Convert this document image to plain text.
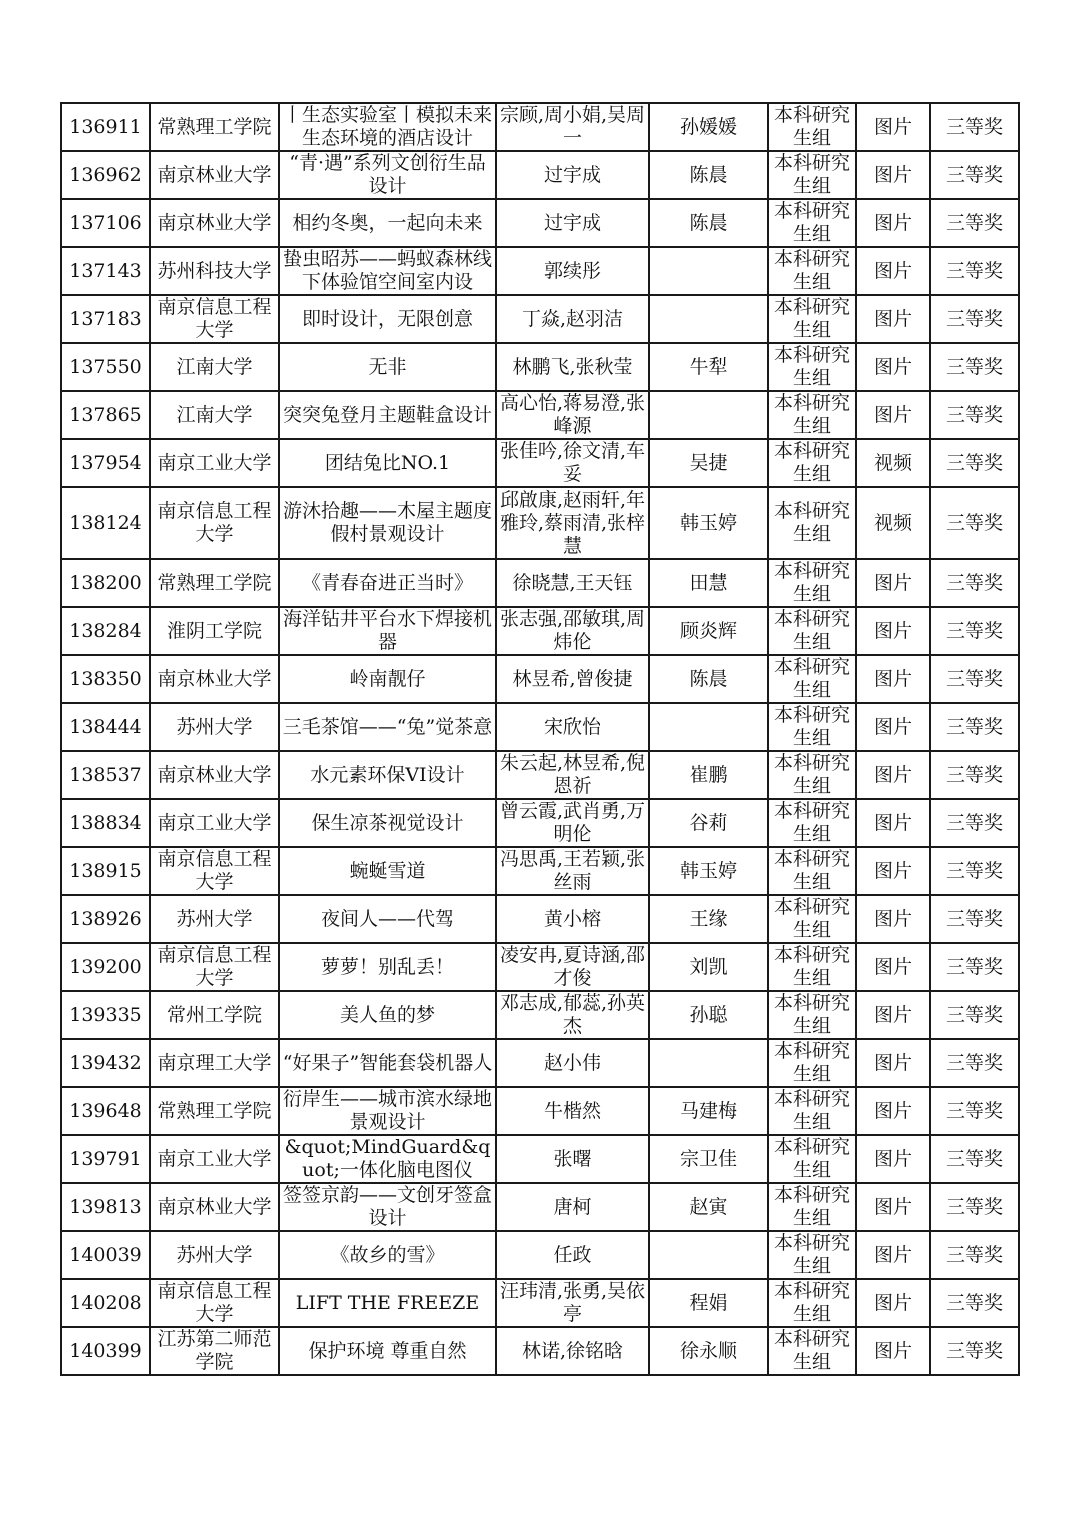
136911	常熟理工学院	丨生态实验室丨模拟未来生态环境的酒店设计	宗顾,周小娟,吴周一	孙媛媛	本科研究生组	图片	三等奖
136962	南京林业大学	“青·遇”系列文创衍生品设计	过宇成	陈晨	本科研究生组	图片	三等奖
137106	南京林业大学	相约冬奥，一起向未来	过宇成	陈晨	本科研究生组	图片	三等奖
137143	苏州科技大学	蛰虫昭苏——蚂蚁森林线下体验馆空间室内设	郭续彤		本科研究生组	图片	三等奖
137183	南京信息工程大学	即时设计，无限创意	丁焱,赵羽洁		本科研究生组	图片	三等奖
137550	江南大学	无非	林鹏飞,张秋莹	牛犁	本科研究生组	图片	三等奖
137865	江南大学	突突兔登月主题鞋盒设计	高心怡,蒋易澄,张峰源		本科研究生组	图片	三等奖
137954	南京工业大学	团结兔比NO.1	张佳吟,徐文清,车妥	吴捷	本科研究生组	视频	三等奖
138124	南京信息工程大学	游沐拾趣——木屋主题度假村景观设计	邱啟康,赵雨轩,年雅玲,蔡雨清,张梓慧	韩玉婷	本科研究生组	视频	三等奖
138200	常熟理工学院	《青春奋进正当时》	徐晓慧,王天钰	田慧	本科研究生组	图片	三等奖
138284	淮阴工学院	海洋钻井平台水下焊接机器	张志强,邵敏琪,周炜伦	顾炎辉	本科研究生组	图片	三等奖
138350	南京林业大学	岭南靓仔	林昱希,曾俊捷	陈晨	本科研究生组	图片	三等奖
138444	苏州大学	三毛茶馆——“兔”觉茶意	宋欣怡		本科研究生组	图片	三等奖
138537	南京林业大学	水元素环保VI设计	朱云起,林昱希,倪恩祈	崔鹏	本科研究生组	图片	三等奖
138834	南京工业大学	保生凉茶视觉设计	曾云霞,武肖勇,万明伦	谷莉	本科研究生组	图片	三等奖
138915	南京信息工程大学	蜿蜒雪道	冯思禹,王若颖,张丝雨	韩玉婷	本科研究生组	图片	三等奖
138926	苏州大学	夜间人——代驾	黄小榕	王缘	本科研究生组	图片	三等奖
139200	南京信息工程大学	萝萝！别乱丢！	凌安冉,夏诗涵,邵才俊	刘凯	本科研究生组	图片	三等奖
139335	常州工学院	美人鱼的梦	邓志成,郁蕊,孙英杰	孙聪	本科研究生组	图片	三等奖
139432	南京理工大学	“好果子”智能套袋机器人	赵小伟		本科研究生组	图片	三等奖
139648	常熟理工学院	衍岸生——城市滨水绿地景观设计	牛楷然	马建梅	本科研究生组	图片	三等奖
139791	南京工业大学	&quot;MindGuard&quot;一体化脑电图仪	张曙	宗卫佳	本科研究生组	图片	三等奖
139813	南京林业大学	签签京韵——文创牙签盒设计	唐柯	赵寅	本科研究生组	图片	三等奖
140039	苏州大学	《故乡的雪》	任政		本科研究生组	图片	三等奖
140208	南京信息工程大学	LIFT THE FREEZE	汪玮清,张勇,吴依亭	程娟	本科研究生组	图片	三等奖
140399	江苏第二师范学院	保护环境 尊重自然	林诺,徐铭晗	徐永顺	本科研究生组	图片	三等奖
